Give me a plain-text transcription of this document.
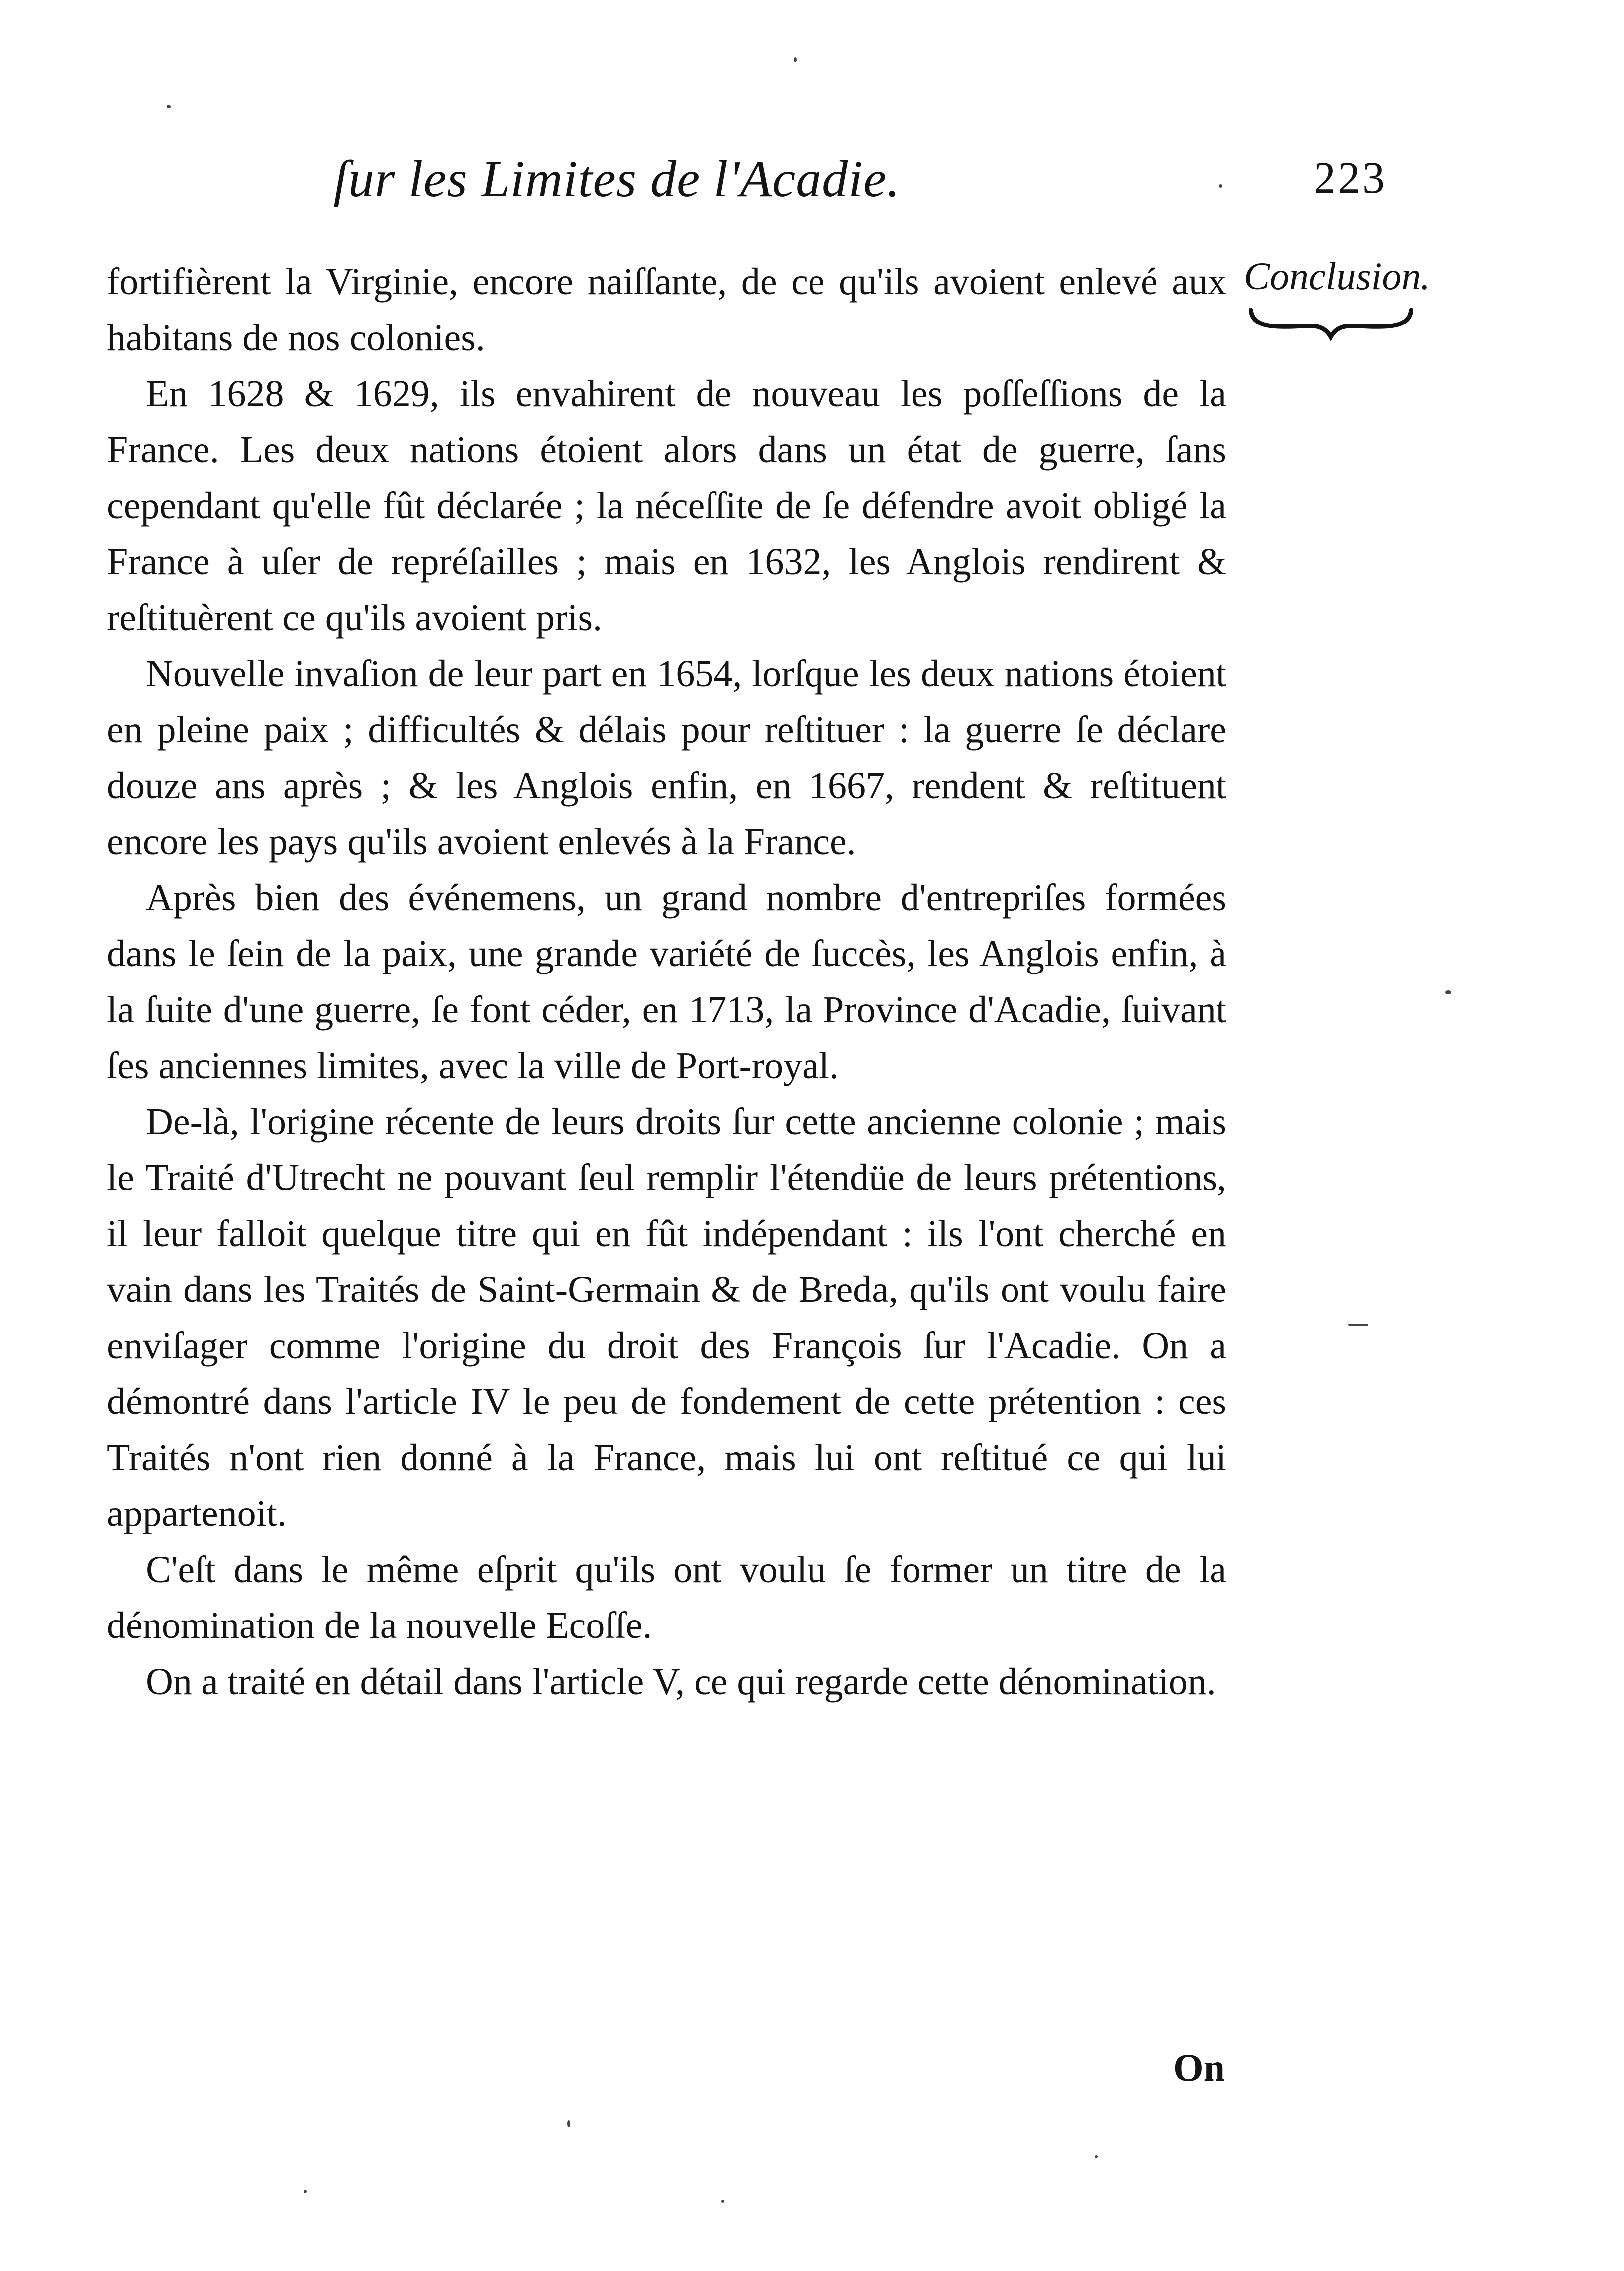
ſur les Limites de l'Acadie.	223
Conclusion.

fortifièrent la Virginie, encore naiſſante, de ce qu'ils avoient enlevé aux habitans de nos colonies.

En 1628 & 1629, ils envahirent de nouveau les poſſeſſions de la France. Les deux nations étoient alors dans un état de guerre, ſans cependant qu'elle fût déclarée ; la néceſſite de ſe défendre avoit obligé la France à uſer de repréſailles ; mais en 1632, les Anglois rendirent & reſtituèrent ce qu'ils avoient pris.

Nouvelle invaſion de leur part en 1654, lorſque les deux nations étoient en pleine paix ; difficultés & délais pour reſtituer : la guerre ſe déclare douze ans après ; & les Anglois enfin, en 1667, rendent & reſtituent encore les pays qu'ils avoient enlevés à la France.

Après bien des événemens, un grand nombre d'entrepriſes formées dans le ſein de la paix, une grande variété de ſuccès, les Anglois enfin, à la ſuite d'une guerre, ſe font céder, en 1713, la Province d'Acadie, ſuivant ſes anciennes limites, avec la ville de Port-royal.

De-là, l'origine récente de leurs droits ſur cette ancienne colonie ; mais le Traité d'Utrecht ne pouvant ſeul remplir l'étendüe de leurs prétentions, il leur falloit quelque titre qui en fût indépendant : ils l'ont cherché en vain dans les Traités de Saint-Germain & de Breda, qu'ils ont voulu faire enviſager comme l'origine du droit des François ſur l'Acadie. On a démontré dans l'article IV le peu de fondement de cette prétention : ces Traités n'ont rien donné à la France, mais lui ont reſtitué ce qui lui appartenoit.

C'eſt dans le même eſprit qu'ils ont voulu ſe former un titre de la dénomination de la nouvelle Ecoſſe.

On a traité en détail dans l'article V, ce qui regarde cette dénomination.

On
